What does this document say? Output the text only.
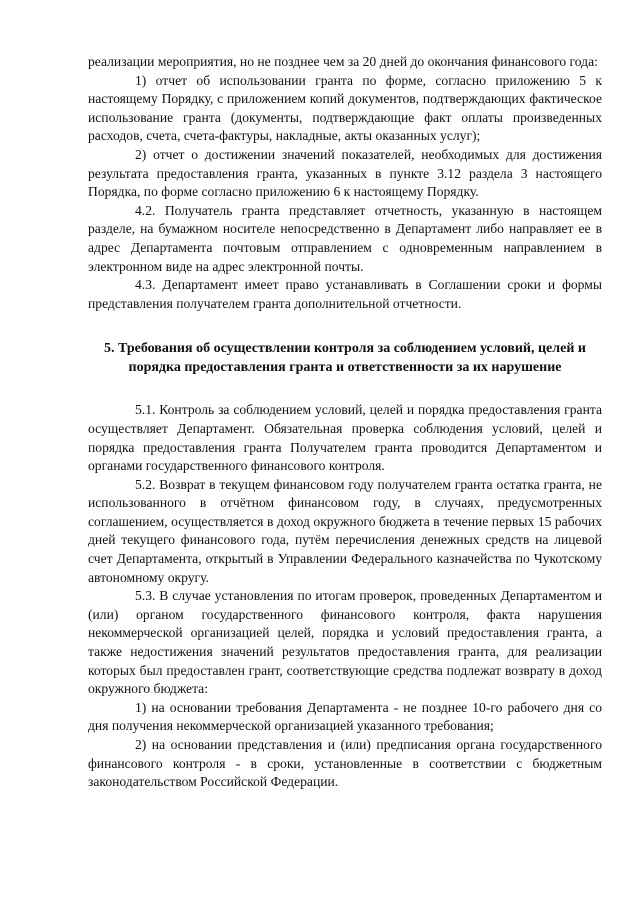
реализации мероприятия, но не позднее чем за 20 дней до окончания финансового года:

1) отчет об использовании гранта по форме, согласно приложению 5 к настоящему Порядку, с приложением копий документов, подтверждающих фактическое использование гранта (документы, подтверждающие факт оплаты произведенных расходов, счета, счета-фактуры, накладные, акты оказанных услуг);

2) отчет о достижении значений показателей, необходимых для достижения результата предоставления гранта, указанных в пункте 3.12 раздела 3 настоящего Порядка, по форме согласно приложению 6 к настоящему Порядку.

4.2. Получатель гранта представляет отчетность, указанную в настоящем разделе, на бумажном носителе непосредственно в Департамент либо направляет ее в адрес Департамента почтовым отправлением с одновременным направлением в электронном виде на адрес электронной почты.

4.3. Департамент имеет право устанавливать в Соглашении сроки и формы представления получателем гранта дополнительной отчетности.

5. Требования об осуществлении контроля за соблюдением условий, целей и порядка предоставления гранта и ответственности за их нарушение

5.1. Контроль за соблюдением условий, целей и порядка предоставления гранта осуществляет Департамент. Обязательная проверка соблюдения условий, целей и порядка предоставления гранта Получателем гранта проводится Департаментом и органами государственного финансового контроля.

5.2. Возврат в текущем финансовом году получателем гранта остатка гранта, не использованного в отчётном финансовом году, в случаях, предусмотренных соглашением, осуществляется в доход окружного бюджета в течение первых 15 рабочих дней текущего финансового года, путём перечисления денежных средств на лицевой счет Департамента, открытый в Управлении Федерального казначейства по Чукотскому автономному округу.

5.3. В случае установления по итогам проверок, проведенных Департаментом и (или) органом государственного финансового контроля, факта нарушения некоммерческой организацией целей, порядка и условий предоставления гранта, а также недостижения значений результатов предоставления гранта, для реализации которых был предоставлен грант, соответствующие средства подлежат возврату в доход окружного бюджета:

1) на основании требования Департамента - не позднее 10-го рабочего дня со дня получения некоммерческой организацией указанного требования;

2) на основании представления и (или) предписания органа государственного финансового контроля - в сроки, установленные в соответствии с бюджетным законодательством Российской Федерации.
